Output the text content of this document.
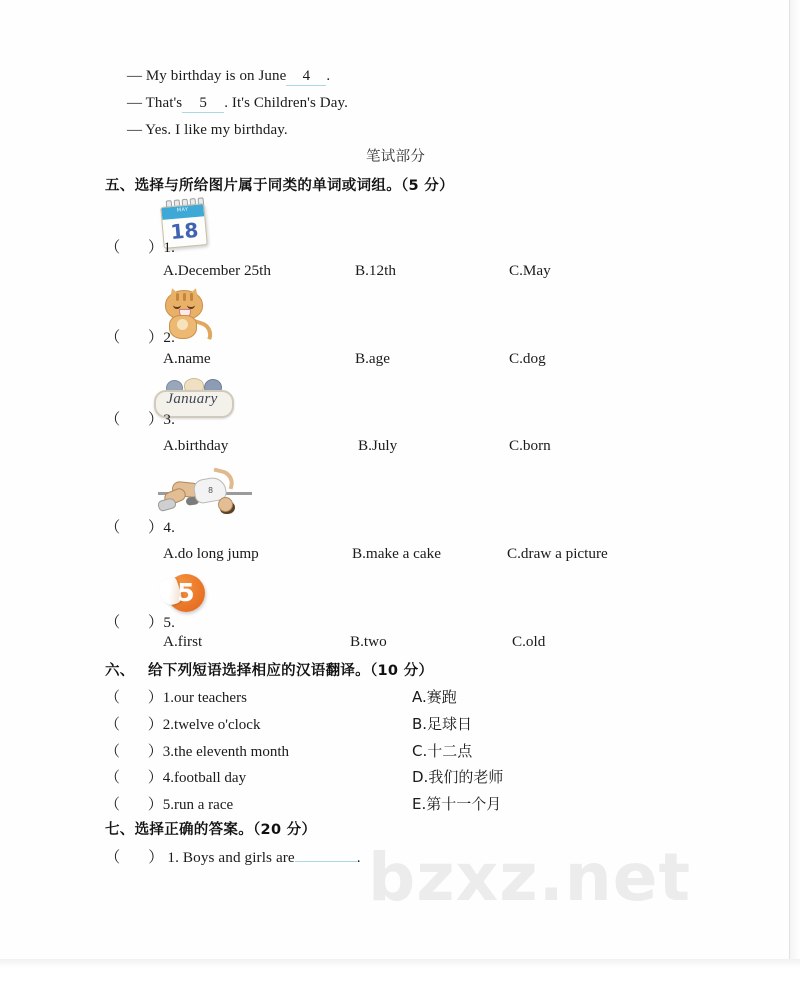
— My birthday is on June 4 .
— That's 5 . It's Children's Day.
— Yes. I like my birthday.
笔试部分
五、选择与所给图片属于同类的单词或词组。（5 分）
MAY
18
（ ）1.
A.December 25th	B.12th	C.May
（ ）2.
A.name	B.age	C.dog
January
（ ）3.
A.birthday	B.July	C.born
8
（ ）4.
A.do long jump	B.make a cake	C.draw a picture
5
（ ）5.
A.first	B.two	C.old
六、 给下列短语选择相应的汉语翻译。（10 分）
（ ）1.our teachers	A.赛跑
（ ）2.twelve o'clock	B.足球日
（ ）3.the eleventh month	C.十二点
（ ）4.football day	D.我们的老师
（ ）5.run a race	E.第十一个月
七、选择正确的答案。（20 分）
（ ） 1. Boys and girls are	. bzxz.net
